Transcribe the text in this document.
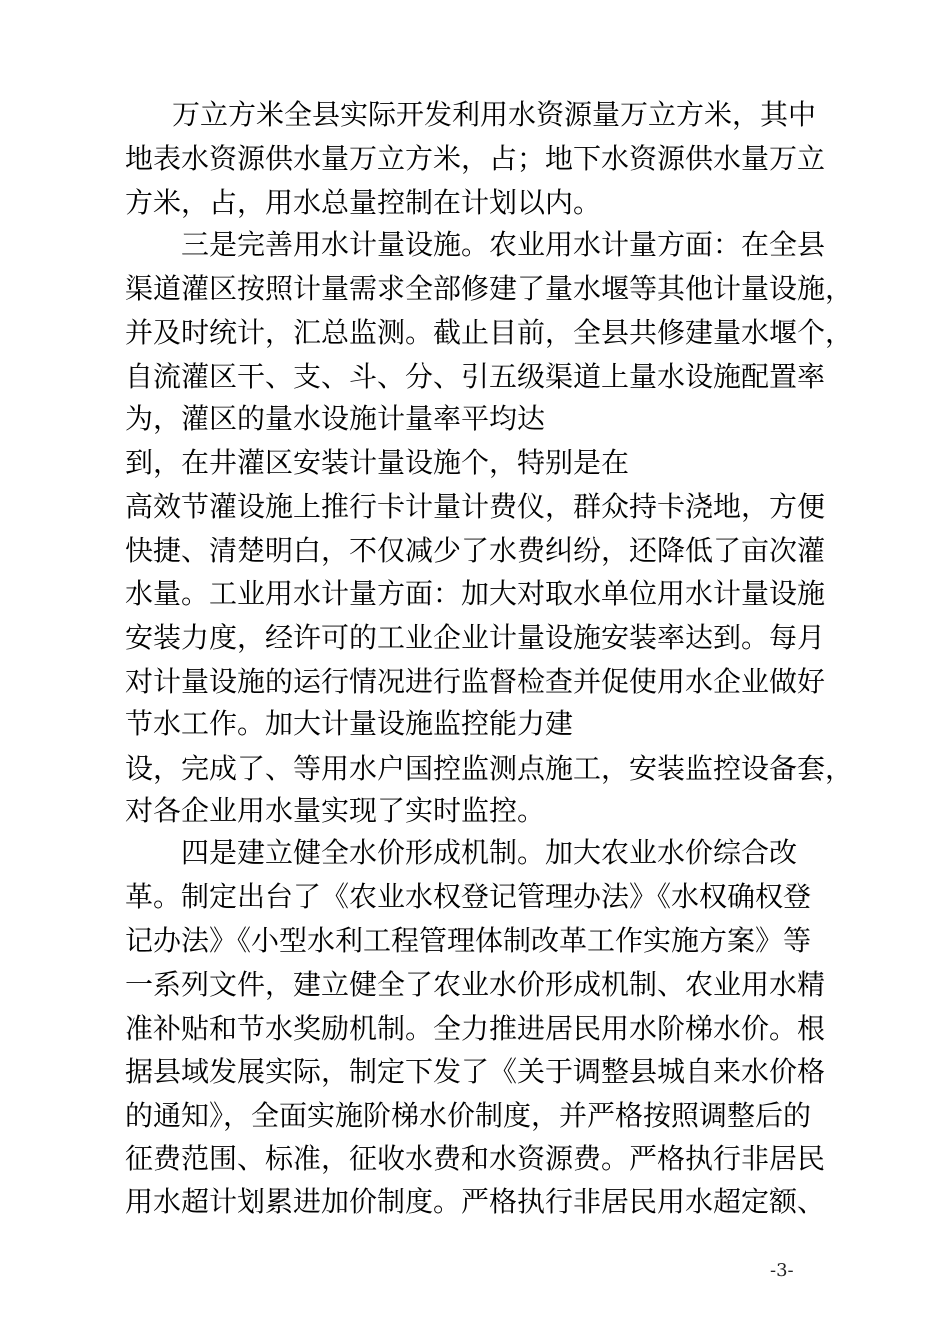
万立方米全县实际开发利用水资源量万立方米，其中
地表水资源供水量万立方米，占；地下水资源供水量万立
方米，占，用水总量控制在计划以内。
三是完善用水计量设施。农业用水计量方面：在全县
渠道灌区按照计量需求全部修建了量水堰等其他计量设施，
并及时统计，汇总监测。截止目前，全县共修建量水堰个，
自流灌区干、支、斗、分、引五级渠道上量水设施配置率
为，灌区的量水设施计量率平均达
到，在井灌区安装计量设施个，特别是在
高效节灌设施上推行卡计量计费仪，群众持卡浇地，方便
快捷、清楚明白，不仅减少了水费纠纷，还降低了亩次灌
水量。工业用水计量方面：加大对取水单位用水计量设施
安装力度，经许可的工业企业计量设施安装率达到。每月
对计量设施的运行情况进行监督检查并促使用水企业做好
节水工作。加大计量设施监控能力建
设，完成了、等用水户国控监测点施工，安装监控设备套，
对各企业用水量实现了实时监控。
四是建立健全水价形成机制。加大农业水价综合改
革。制定出台了《农业水权登记管理办法》《水权确权登
记办法》《小型水利工程管理体制改革工作实施方案》等
一系列文件，建立健全了农业水价形成机制、农业用水精
准补贴和节水奖励机制。全力推进居民用水阶梯水价。根
据县域发展实际，制定下发了《关于调整县城自来水价格
的通知》，全面实施阶梯水价制度，并严格按照调整后的
征费范围、标准，征收水费和水资源费。严格执行非居民
用水超计划累进加价制度。严格执行非居民用水超定额、
-3-
